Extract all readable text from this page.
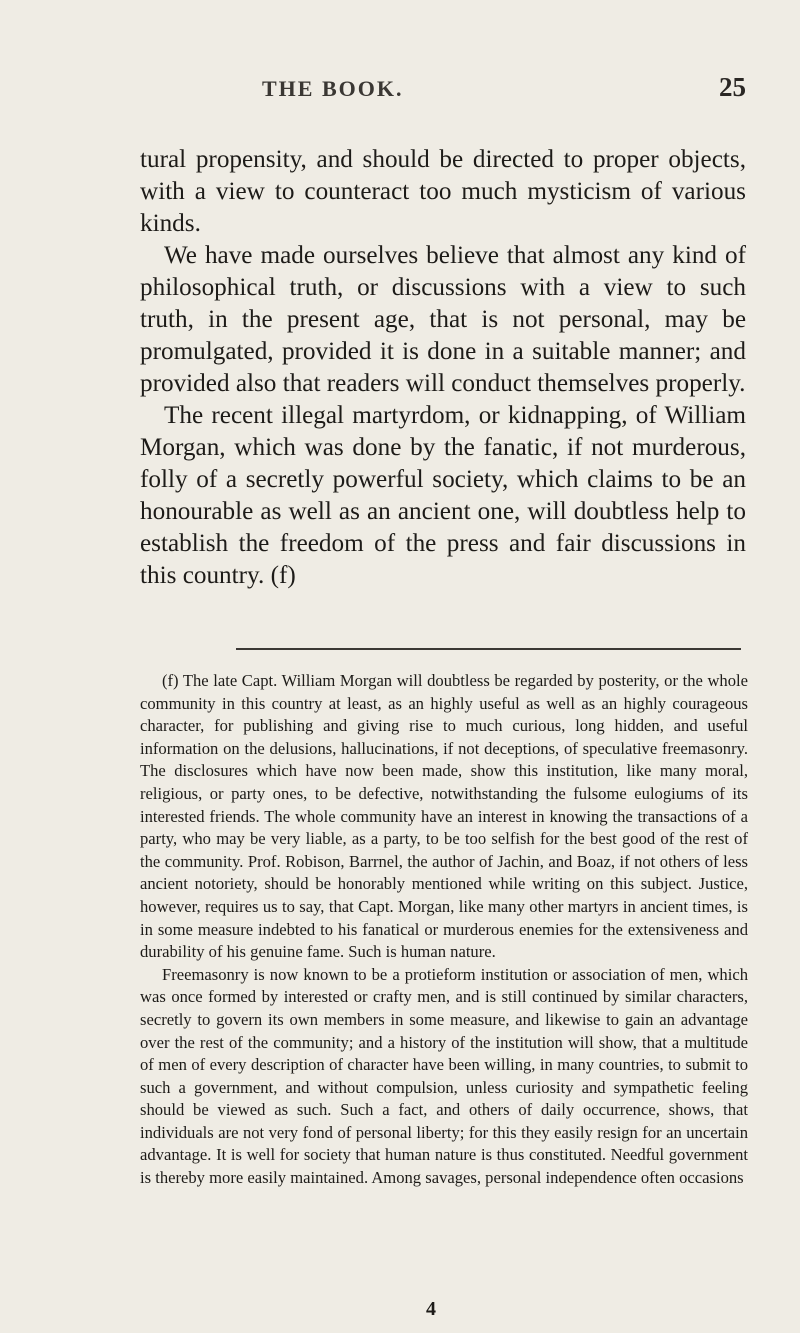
THE BOOK.	25

tural propensity, and should be directed to proper objects, with a view to counteract too much mysticism of various kinds.

We have made ourselves believe that almost any kind of philosophical truth, or discussions with a view to such truth, in the present age, that is not personal, may be promulgated, provided it is done in a suitable manner; and provided also that readers will conduct themselves properly.

The recent illegal martyrdom, or kidnapping, of William Morgan, which was done by the fanatic, if not murderous, folly of a secretly powerful society, which claims to be an honourable as well as an ancient one, will doubtless help to establish the freedom of the press and fair discussions in this country. (f)

(f) The late Capt. William Morgan will doubtless be regarded by posterity, or the whole community in this country at least, as an highly useful as well as an highly courageous character, for publishing and giving rise to much curious, long hidden, and useful information on the delusions, hallucinations, if not deceptions, of speculative freemasonry. The disclosures which have now been made, show this institution, like many moral, religious, or party ones, to be defective, notwithstanding the fulsome eulogiums of its interested friends. The whole community have an interest in knowing the transactions of a party, who may be very liable, as a party, to be too selfish for the best good of the rest of the community. Prof. Robison, Barrnel, the author of Jachin, and Boaz, if not others of less ancient notoriety, should be honorably mentioned while writing on this subject. Justice, however, requires us to say, that Capt. Morgan, like many other martyrs in ancient times, is in some measure indebted to his fanatical or murderous enemies for the extensiveness and durability of his genuine fame. Such is human nature.

Freemasonry is now known to be a protieform institution or association of men, which was once formed by interested or crafty men, and is still continued by similar characters, secretly to govern its own members in some measure, and likewise to gain an advantage over the rest of the community; and a history of the institution will show, that a multitude of men of every description of character have been willing, in many countries, to submit to such a government, and without compulsion, unless curiosity and sympathetic feeling should be viewed as such. Such a fact, and others of daily occurrence, shows, that individuals are not very fond of personal liberty; for this they easily resign for an uncertain advantage. It is well for society that human nature is thus constituted. Needful government is thereby more easily maintained. Among savages, personal independence often occasions

4
